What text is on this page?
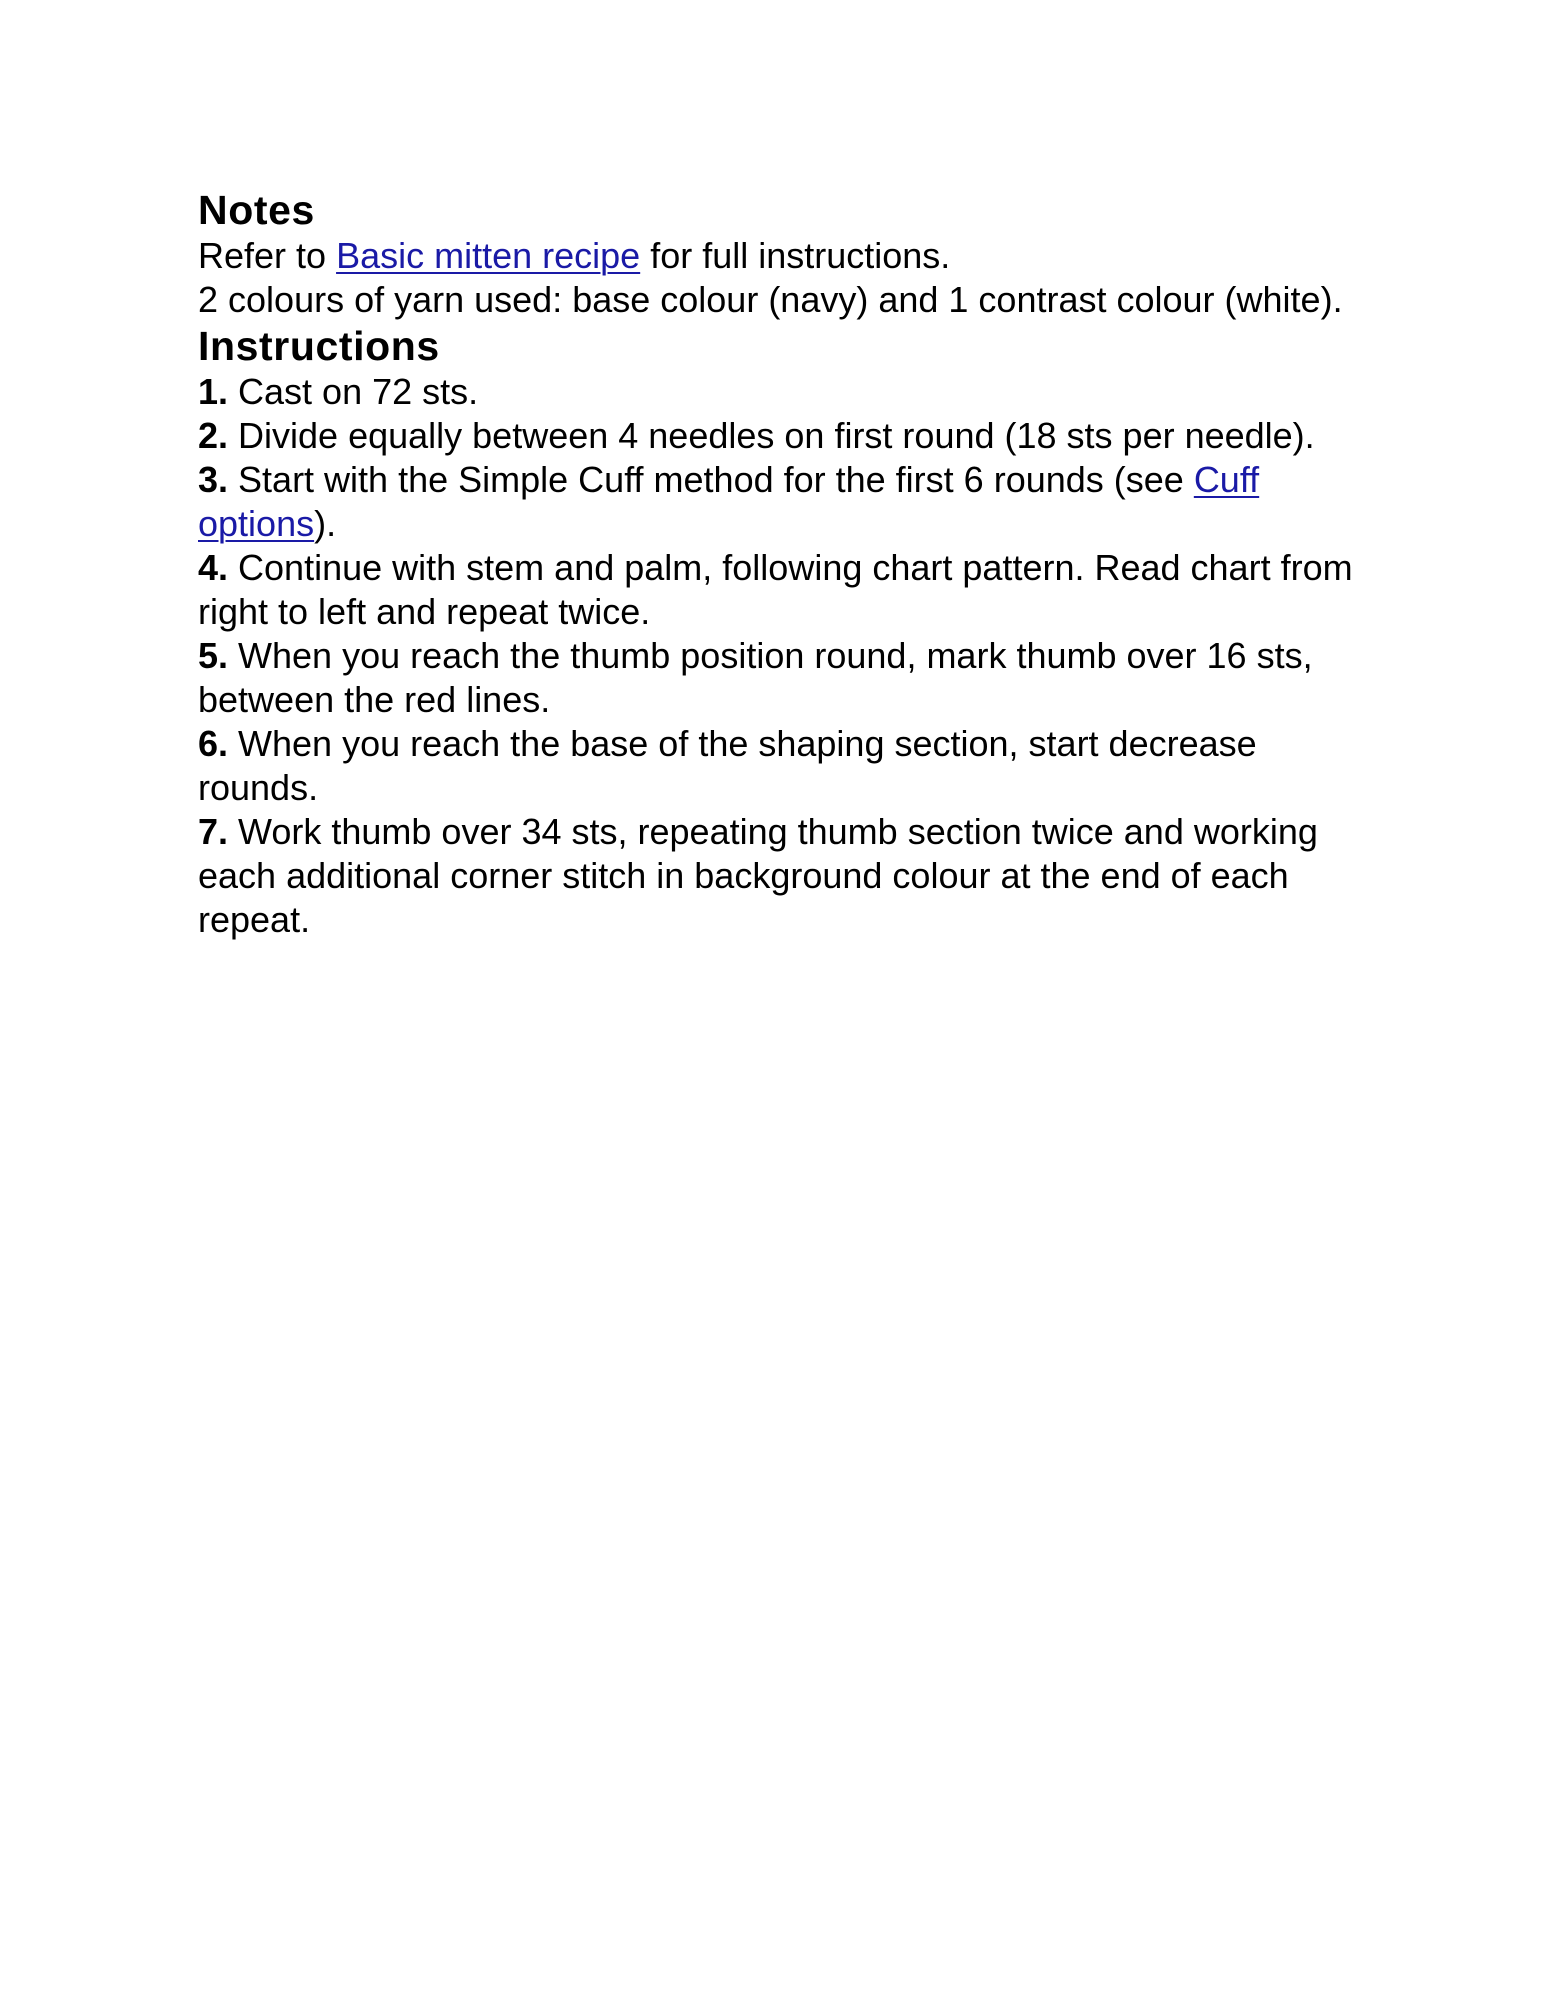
Notes

Refer to Basic mitten recipe for full instructions.

2 colours of yarn used: base colour (navy) and 1 contrast colour (white).

Instructions

1. Cast on 72 sts.

2. Divide equally between 4 needles on first round (18 sts per needle).

3. Start with the Simple Cuff method for the first 6 rounds (see Cuff options).

4. Continue with stem and palm, following chart pattern. Read chart from right to left and repeat twice.

5. When you reach the thumb position round, mark thumb over 16 sts, between the red lines.

6. When you reach the base of the shaping section, start decrease rounds.

7. Work thumb over 34 sts, repeating thumb section twice and working each additional corner stitch in background colour at the end of each repeat.
